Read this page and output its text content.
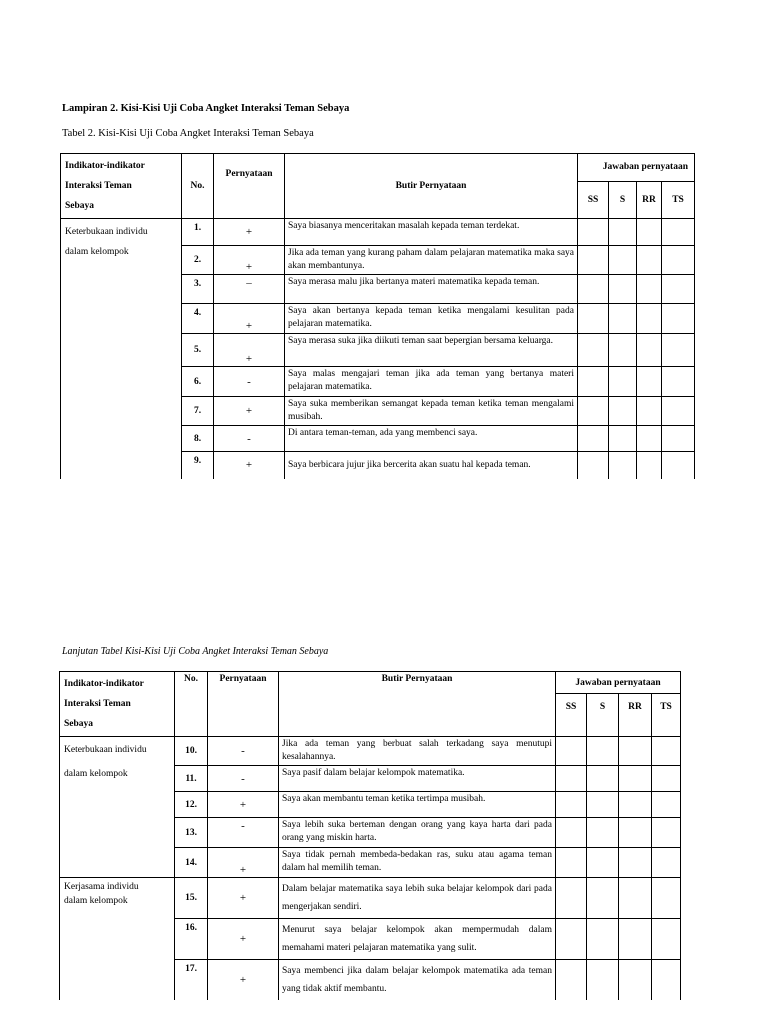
Lampiran 2. Kisi-Kisi Uji Coba Angket Interaksi Teman Sebaya
Tabel 2. Kisi-Kisi Uji Coba Angket Interaksi Teman Sebaya
Indikator-indikator
Interaksi Teman
Sebaya	No.	Pernyataan	Butir Pernyataan	Jawaban pernyataan			
				SS	S	RR	TS

Keterbukaan individu
dalam kelompok	1.	+	Saya biasanya menceritakan masalah kepada teman terdekat.				
	2.	+	Jika ada teman yang kurang paham dalam pelajaran matematika maka saya akan membantunya.				
	3.	–	Saya merasa malu jika bertanya materi matematika kepada teman.				
	4.	+	Saya akan bertanya kepada teman ketika mengalami kesulitan pada pelajaran matematika.				
	5.	+	Saya merasa suka jika diikuti teman saat bepergian bersama keluarga.				
	6.	-	Saya malas mengajari teman jika ada teman yang bertanya materi pelajaran matematika.				
	7.	+	Saya suka memberikan semangat kepada teman ketika teman mengalami musibah.				
	8.	-	Di antara teman-teman, ada yang membenci saya.				
	9.	+	Saya berbicara jujur jika bercerita akan suatu hal kepada teman.				
Lanjutan Tabel Kisi-Kisi Uji Coba Angket Interaksi Teman Sebaya
Indikator-indikator
Interaksi Teman
Sebaya	No.	Pernyataan	Butir Pernyataan	Jawaban pernyataan			
				SS	S	RR	TS

Keterbukaan individu
dalam kelompok	10.	-	Jika ada teman yang berbuat salah terkadang saya menutupi kesalahannya.				
	11.	-	Saya pasif dalam belajar kelompok matematika.				
	12.	+	Saya akan membantu teman ketika tertimpa musibah.				
	13.	-	Saya lebih suka berteman dengan orang yang kaya harta dari pada orang yang miskin harta.				
	14.	+	Saya tidak pernah membeda-bedakan ras, suku atau agama teman dalam hal memilih teman.				

Kerjasama individu
dalam kelompok	15.	+	Dalam belajar matematika saya lebih suka belajar kelompok dari pada mengerjakan sendiri.				
	16.	+	Menurut saya belajar kelompok akan mempermudah dalam memahami materi pelajaran matematika yang sulit.				
	17.	+	Saya membenci jika dalam belajar kelompok matematika ada teman yang tidak aktif membantu.				
